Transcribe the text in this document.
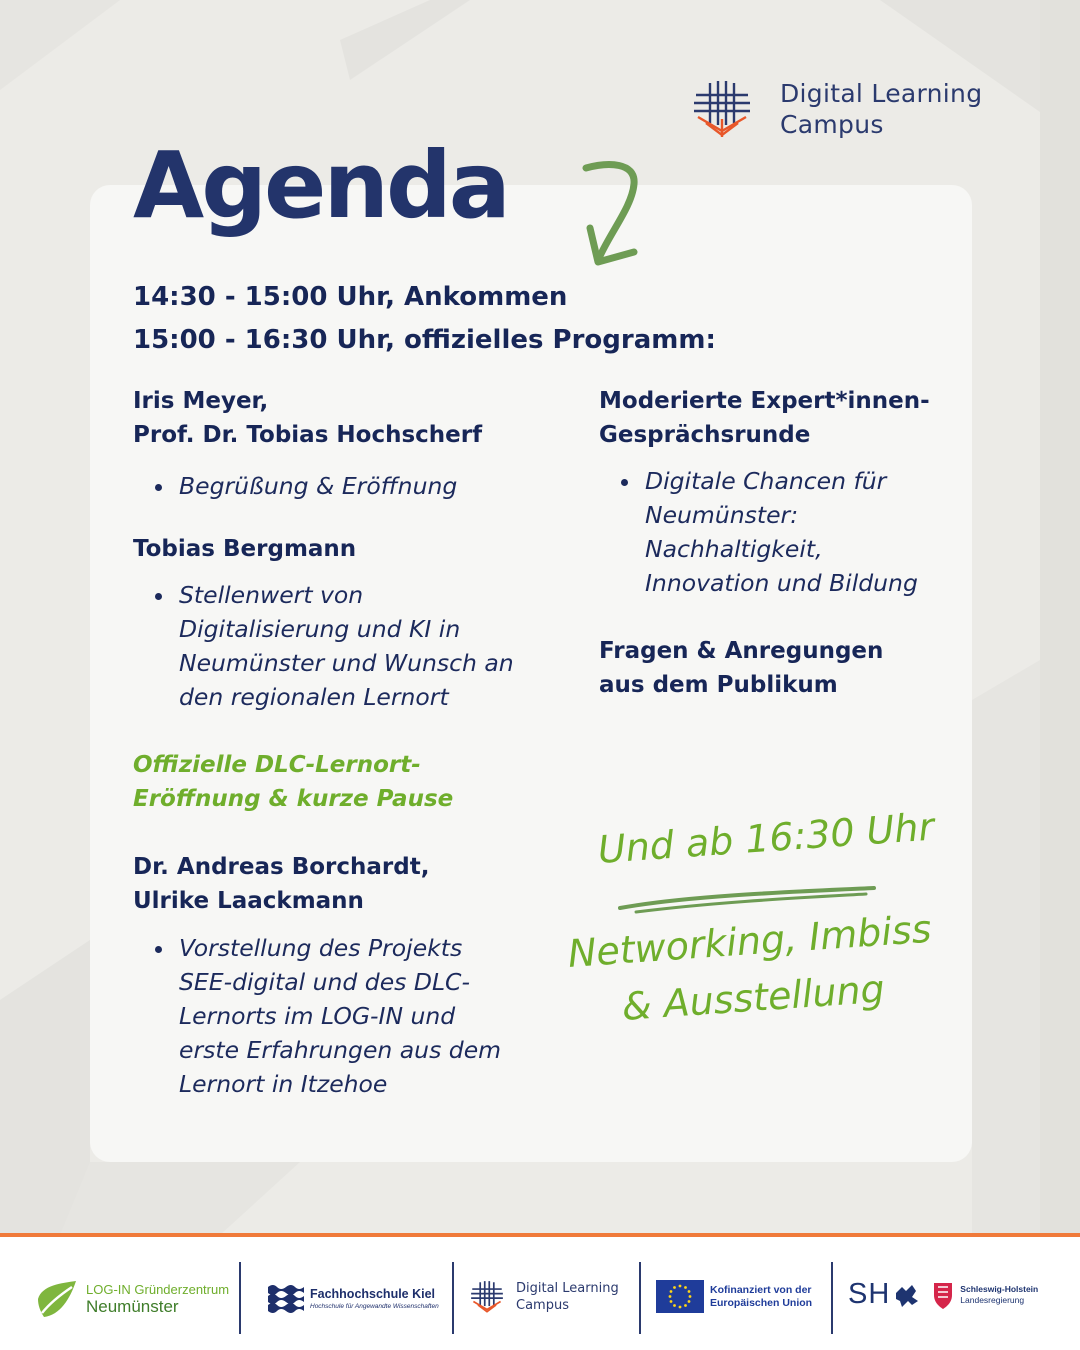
Digital Learning
Campus
Agenda
14:30 - 15:00 Uhr, Ankommen
15:00 - 16:30 Uhr, offizielles Programm:
Iris Meyer,
Prof. Dr. Tobias Hochscherf
Begrüßung & Eröffnung
Tobias Bergmann
Stellenwert von
Digitalisierung und KI in
Neumünster und Wunsch an
den regionalen Lernort
Offizielle DLC-Lernort-
Eröffnung & kurze Pause
Dr. Andreas Borchardt,
Ulrike Laackmann
Vorstellung des Projekts
SEE-digital und des DLC-
Lernorts im LOG-IN und
erste Erfahrungen aus dem
Lernort in Itzehoe
Moderierte Expert*innen-
Gesprächsrunde
Digitale Chancen für
Neumünster:
Nachhaltigkeit,
Innovation und Bildung
Fragen & Anregungen
aus dem Publikum
Und ab 16:30 Uhr
Networking, Imbiss
& Ausstellung
LOG-IN Gründerzentrum
Neumünster
Fachhochschule Kiel
Hochschule für Angewandte Wissenschaften
Digital Learning
Campus
Kofinanziert von der
Europäischen Union SH	Schleswig-Holstein
Landesregierung
